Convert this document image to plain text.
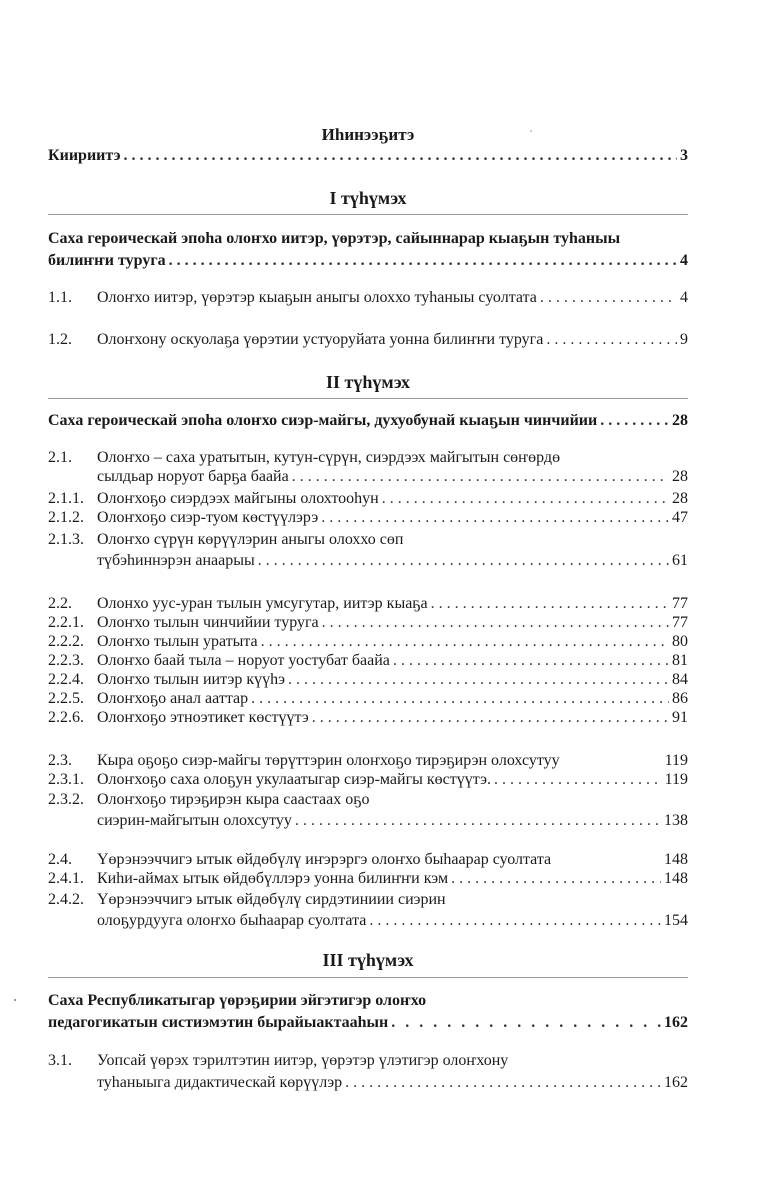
Иһинээҕитэ
Киириитэ . . .	3
I түһүмэх
Саха героическай эпоһа олоҥхо иитэр, үөрэтэр, сайыннарар кыаҕын туһаныы
билиҥҥи туруга . . .	4
1.1.	Олоҥхо иитэр, үөрэтэр кыаҕын аныгы олоххо туһаныы суолтата . . .	4
1.2.	Олоҥхону оскуолаҕа үөрэтии устуоруйата уонна билиҥҥи туруга . . .	9
II түһүмэх
Саха героическай эпоһа олоҥхо сиэр-майгы, духуобунай кыаҕын чинчийии . . .	28
2.1.	Олоҥхо – саха уратытын, кутун-сүрүн, сиэрдээх майгытын сөҥөрдө
сылдьар норуот барҕа баайа . . .	28
2.1.1. Олоҥхоҕо сиэрдээх майгыны олохтооһун . . .	28
2.1.2. Олоҥхоҕо сиэр-туом көстүүлэрэ . . .	47
2.1.3. Олоҥхо сүрүн көрүүлэрин аныгы олоххо сөп
түбэһиннэрэн анаарыы . . .	61
2.2.	Олонхо уус-уран тылын умсугутар, иитэр кыаҕа . . .	77
2.2.1. Олоҥхо тылын чинчийии туруга . . .	77
2.2.2. Олоҥхо тылын уратыта . . .	80
2.2.3. Олоҥхо баай тыла – норуот уостубат баайа . . .	81
2.2.4. Олоҥхо тылын иитэр күүһэ . . .	84
2.2.5. Олоҥхоҕо анал ааттар . . .	86
2.2.6. Олоҥхоҕо этноэтикет көстүүтэ . . .	91
2.3.	Кыра оҕоҕо сиэр-майгы төрүттэрин олоҥхоҕо тирэҕирэн олохсутуу	119
2.3.1. Олоҥхоҕо саха олоҕун укулаатыгар сиэр-майгы көстүүтэ. . . .	119
2.3.2. Олоҥхоҕо тирэҕирэн кыра саастаах оҕо
сиэрин-майгытын олохсутуу . . .	138
2.4.	Үөрэнээччигэ ытык өйдөбүлү иҥэрэргэ олоҥхо быһаарар суолтата	148
2.4.1. Киһи-аймах ытык өйдөбүллэрэ уонна билиҥҥи кэм . . .	148
2.4.2. Үөрэнээччигэ ытык өйдөбүлү сирдэтиниии сиэрин
олоҕурдууга олоҥхо быһаарар суолтата . . .	154
III түһүмэх
Саха Республикатыгар үөрэҕирии эйгэтигэр олоҥхо
педагогикатын систиэмэтин бырайыактааһын . . .	162
3.1.	Уопсай үөрэх тэрилтэтин иитэр, үөрэтэр үлэтигэр олоҥхону
туһаныыга дидактическай көрүүлэр . . .	162
